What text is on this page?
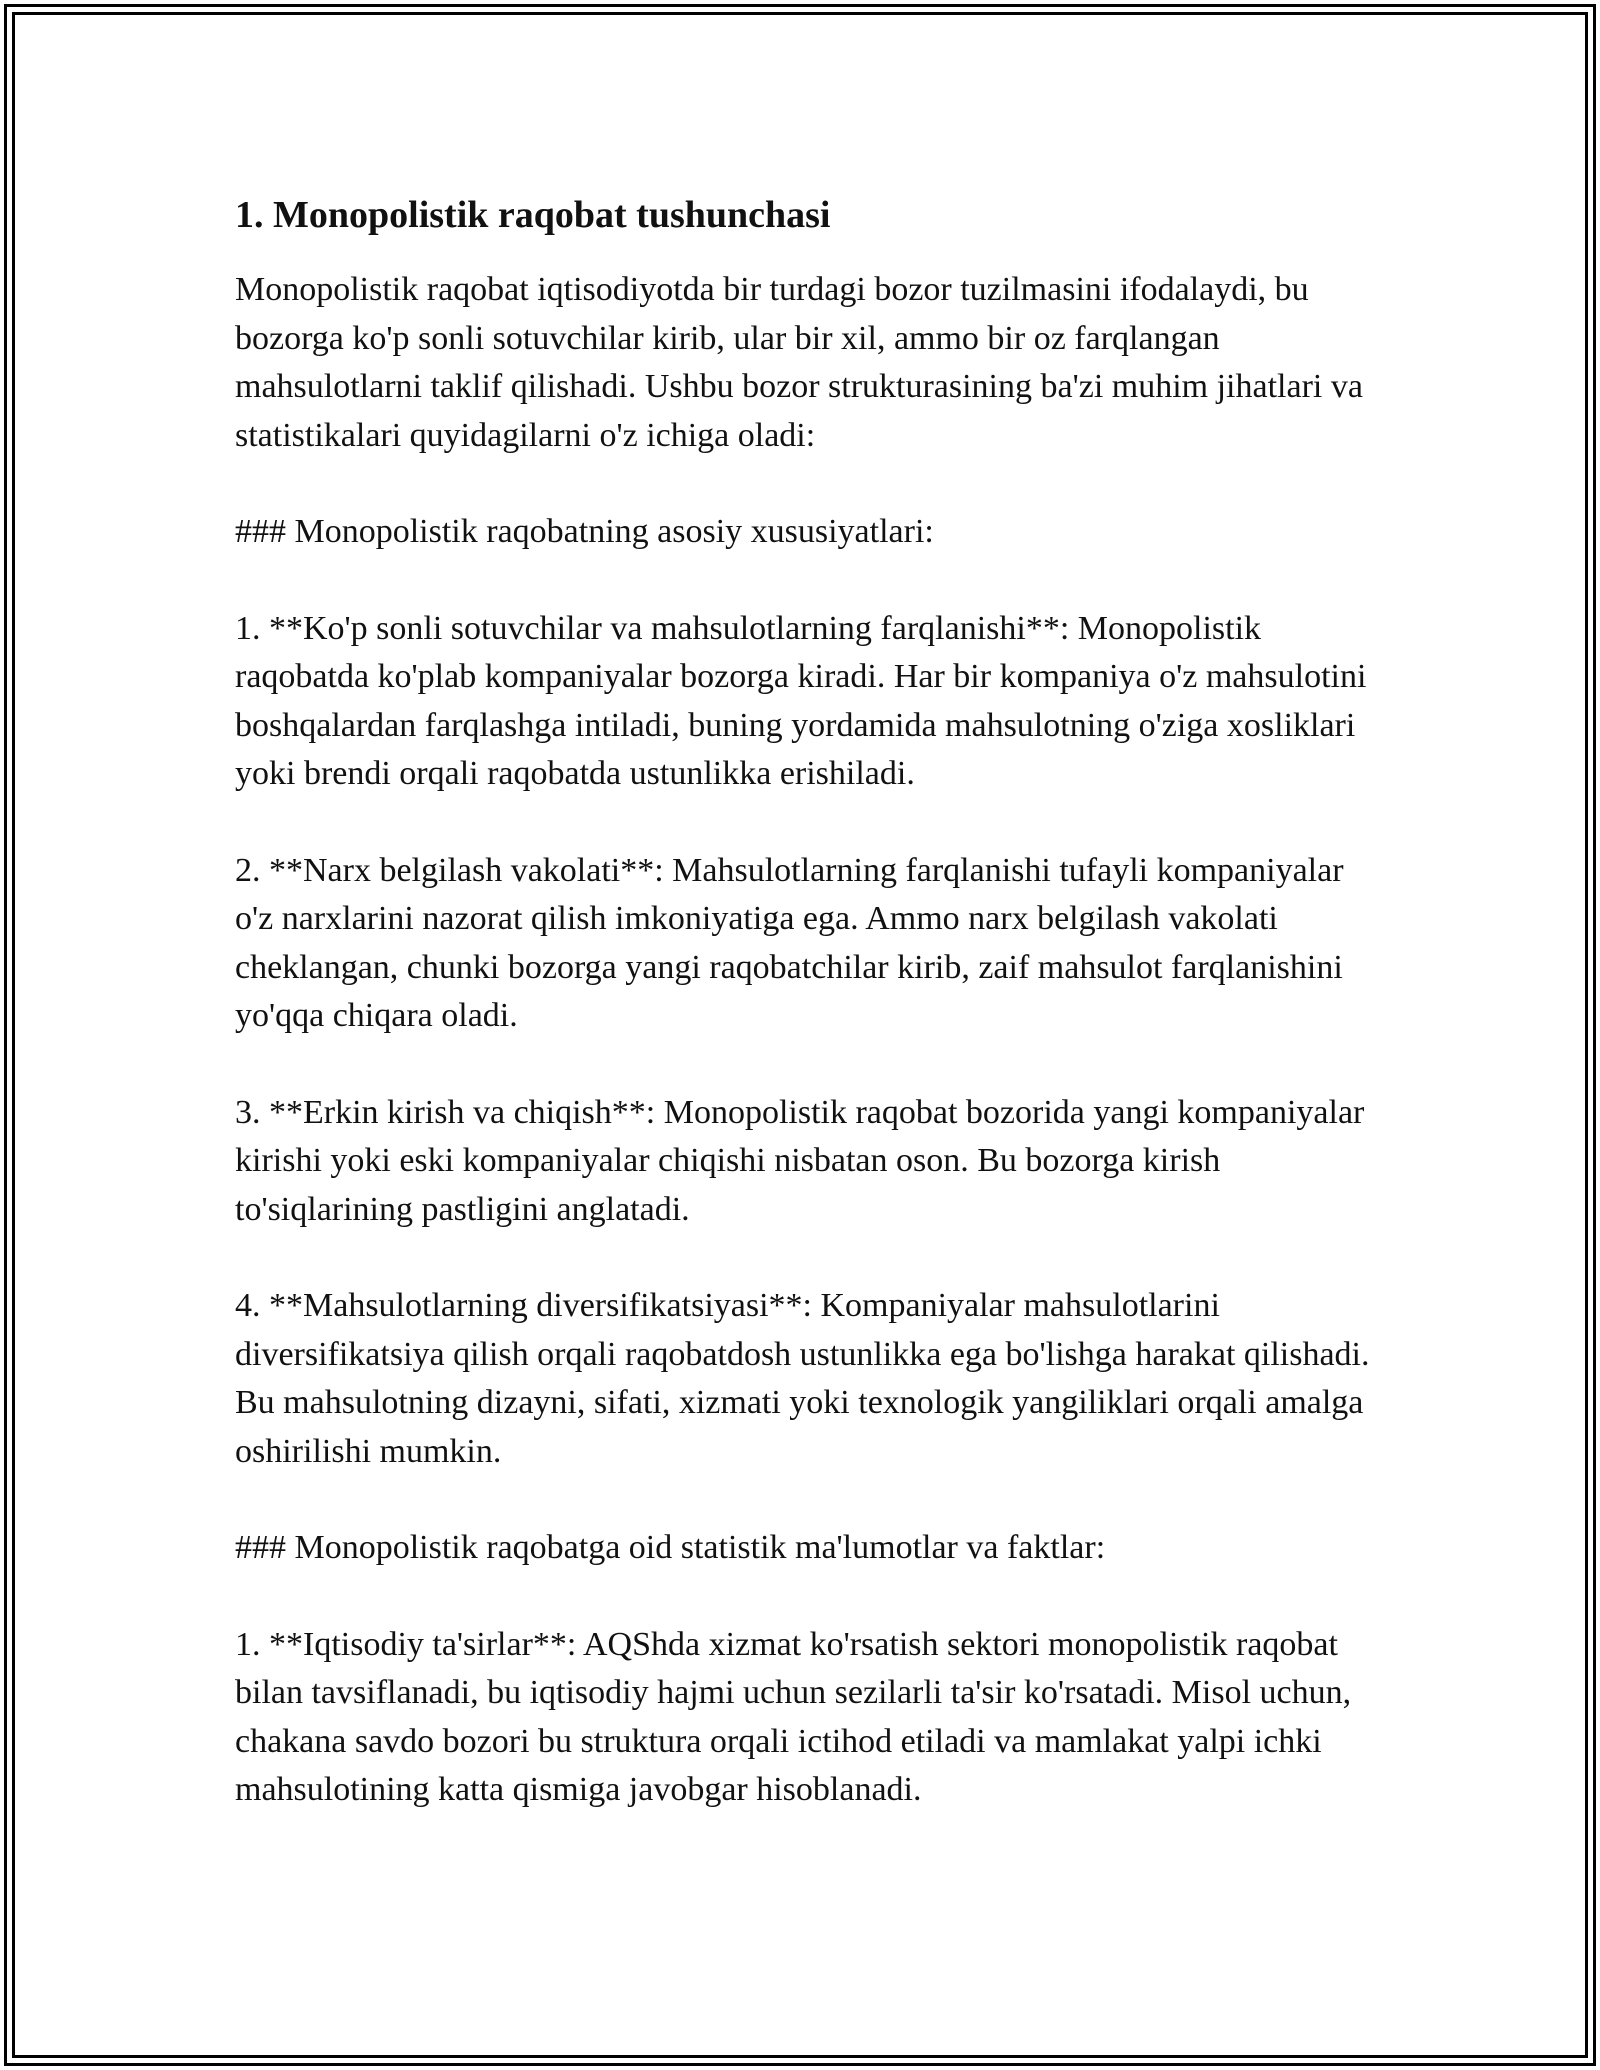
1. Monopolistik raqobat tushunchasi

Monopolistik raqobat iqtisodiyotda bir turdagi bozor tuzilmasini ifodalaydi, bu bozorga ko'p sonli sotuvchilar kirib, ular bir xil, ammo bir oz farqlangan mahsulotlarni taklif qilishadi. Ushbu bozor strukturasining ba'zi muhim jihatlari va statistikalari quyidagilarni o'z ichiga oladi:

### Monopolistik raqobatning asosiy xususiyatlari:

1. **Ko'p sonli sotuvchilar va mahsulotlarning farqlanishi**: Monopolistik raqobatda ko'plab kompaniyalar bozorga kiradi. Har bir kompaniya o'z mahsulotini boshqalardan farqlashga intiladi, buning yordamida mahsulotning o'ziga xosliklari yoki brendi orqali raqobatda ustunlikka erishiladi.

2. **Narx belgilash vakolati**: Mahsulotlarning farqlanishi tufayli kompaniyalar o'z narxlarini nazorat qilish imkoniyatiga ega. Ammo narx belgilash vakolati cheklangan, chunki bozorga yangi raqobatchilar kirib, zaif mahsulot farqlanishini yo'qqa chiqara oladi.

3. **Erkin kirish va chiqish**: Monopolistik raqobat bozorida yangi kompaniyalar kirishi yoki eski kompaniyalar chiqishi nisbatan oson. Bu bozorga kirish to'siqlarining pastligini anglatadi.

4. **Mahsulotlarning diversifikatsiyasi**: Kompaniyalar mahsulotlarini diversifikatsiya qilish orqali raqobatdosh ustunlikka ega bo'lishga harakat qilishadi. Bu mahsulotning dizayni, sifati, xizmati yoki texnologik yangiliklari orqali amalga oshirilishi mumkin.

### Monopolistik raqobatga oid statistik ma'lumotlar va faktlar:

1. **Iqtisodiy ta'sirlar**: AQShda xizmat ko'rsatish sektori monopolistik raqobat bilan tavsiflanadi, bu iqtisodiy hajmi uchun sezilarli ta'sir ko'rsatadi. Misol uchun, chakana savdo bozori bu struktura orqali ictihod etiladi va mamlakat yalpi ichki mahsulotining katta qismiga javobgar hisoblanadi.
